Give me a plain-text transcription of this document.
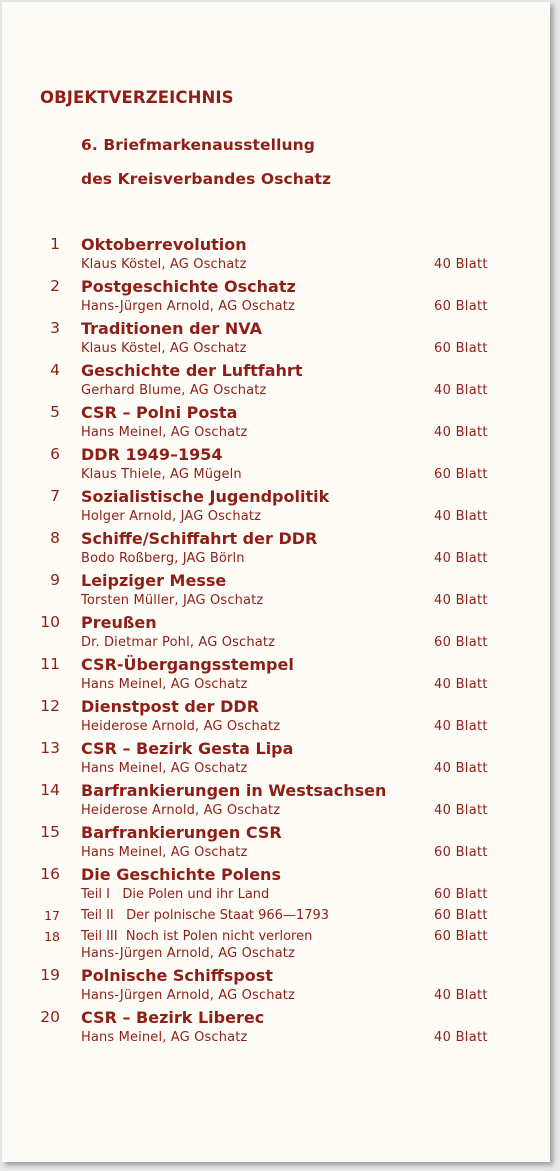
OBJEKTVERZEICHNIS
6. Briefmarkenausstellung
des Kreisverbandes Oschatz
1 Oktoberrevolution
Klaus Köstel, AG Oschatz	40 Blatt
2 Postgeschichte Oschatz
Hans-Jürgen Arnold, AG Oschatz	60 Blatt
3 Traditionen der NVA
Klaus Köstel, AG Oschatz	60 Blatt
4 Geschichte der Luftfahrt
Gerhard Blume, AG Oschatz	40 Blatt
5 CSR – Polni Posta
Hans Meinel, AG Oschatz	40 Blatt
6 DDR 1949–1954
Klaus Thiele, AG Mügeln	60 Blatt
7 Sozialistische Jugendpolitik
Holger Arnold, JAG Oschatz	40 Blatt
8 Schiffe/Schiffahrt der DDR
Bodo Roßberg, JAG Börln	40 Blatt
9 Leipziger Messe
Torsten Müller, JAG Oschatz	40 Blatt
10 Preußen
Dr. Dietmar Pohl, AG Oschatz	60 Blatt
11 CSR-Übergangsstempel
Hans Meinel, AG Oschatz	40 Blatt
12 Dienstpost der DDR
Heiderose Arnold, AG Oschatz	40 Blatt
13 CSR – Bezirk Gesta Lipa
Hans Meinel, AG Oschatz	40 Blatt
14 Barfrankierungen in Westsachsen
Heiderose Arnold, AG Oschatz	40 Blatt
15 Barfrankierungen CSR
Hans Meinel, AG Oschatz	60 Blatt
16 Die Geschichte Polens
Teil I   Die Polen und ihr Land	60 Blatt
17 Teil II   Der polnische Staat 966—1793	60 Blatt
18 Teil III  Noch ist Polen nicht verloren	60 Blatt
Hans-Jürgen Arnold, AG Oschatz
19 Polnische Schiffspost
Hans-Jürgen Arnold, AG Oschatz	40 Blatt
20 CSR – Bezirk Liberec
Hans Meinel, AG Oschatz	40 Blatt
